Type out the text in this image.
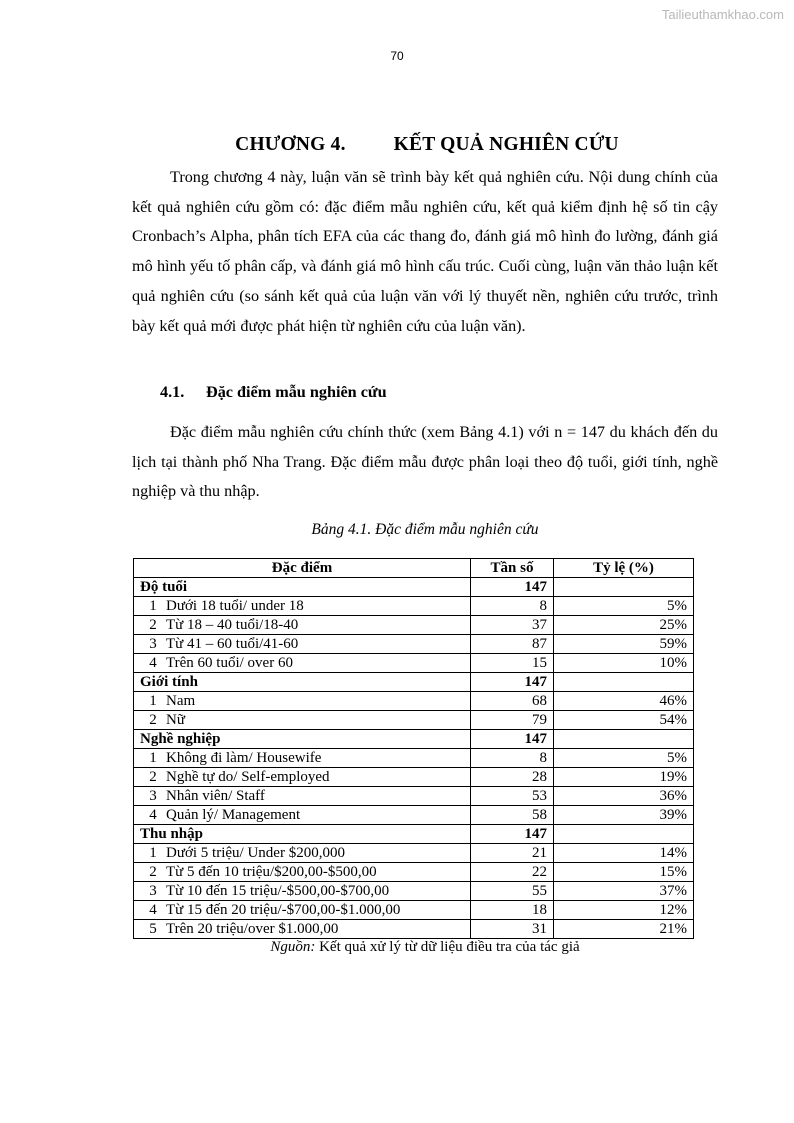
Tailieuthamkhao.com
70
CHƯƠNG 4. KẾT QUẢ NGHIÊN CỨU

Trong chương 4 này, luận văn sẽ trình bày kết quả nghiên cứu. Nội dung chính của kết quả nghiên cứu gồm có: đặc điểm mẫu nghiên cứu, kết quả kiểm định hệ số tin cậy Cronbach’s Alpha, phân tích EFA của các thang đo, đánh giá mô hình đo lường, đánh giá mô hình yếu tố phân cấp, và đánh giá mô hình cấu trúc. Cuối cùng, luận văn thảo luận kết quả nghiên cứu (so sánh kết quả của luận văn với lý thuyết nền, nghiên cứu trước, trình bày kết quả mới được phát hiện từ nghiên cứu của luận văn).

4.1. Đặc điểm mẫu nghiên cứu

Đặc điểm mẫu nghiên cứu chính thức (xem Bảng 4.1) với n = 147 du khách đến du lịch tại thành phố Nha Trang. Đặc điểm mẫu được phân loại theo độ tuổi, giới tính, nghề nghiệp và thu nhập.

Bảng 4.1. Đặc điểm mẫu nghiên cứu
Đặc điểm	Tần số	Tỷ lệ (%)
Độ tuổi	147	
1 Dưới 18 tuổi/ under 18	8	5%
2 Từ 18 – 40 tuổi/18-40	37	25%
3 Từ 41 – 60 tuổi/41-60	87	59%
4 Trên 60 tuổi/ over 60	15	10%
Giới tính	147	
1 Nam	68	46%
2 Nữ	79	54%
Nghề nghiệp	147	
1 Không đi làm/ Housewife	8	5%
2 Nghề tự do/ Self-employed	28	19%
3 Nhân viên/ Staff	53	36%
4 Quản lý/ Management	58	39%
Thu nhập	147	
1 Dưới 5 triệu/ Under $200,000	21	14%
2 Từ 5 đến 10 triệu/$200,00-$500,00	22	15%
3 Từ 10 đến 15 triệu/-$500,00-$700,00	55	37%
4 Từ 15 đến 20 triệu/-$700,00-$1.000,00	18	12%
5 Trên 20 triệu/over $1.000,00	31	21%
Nguồn: Kết quả xử lý từ dữ liệu điều tra của tác giả
